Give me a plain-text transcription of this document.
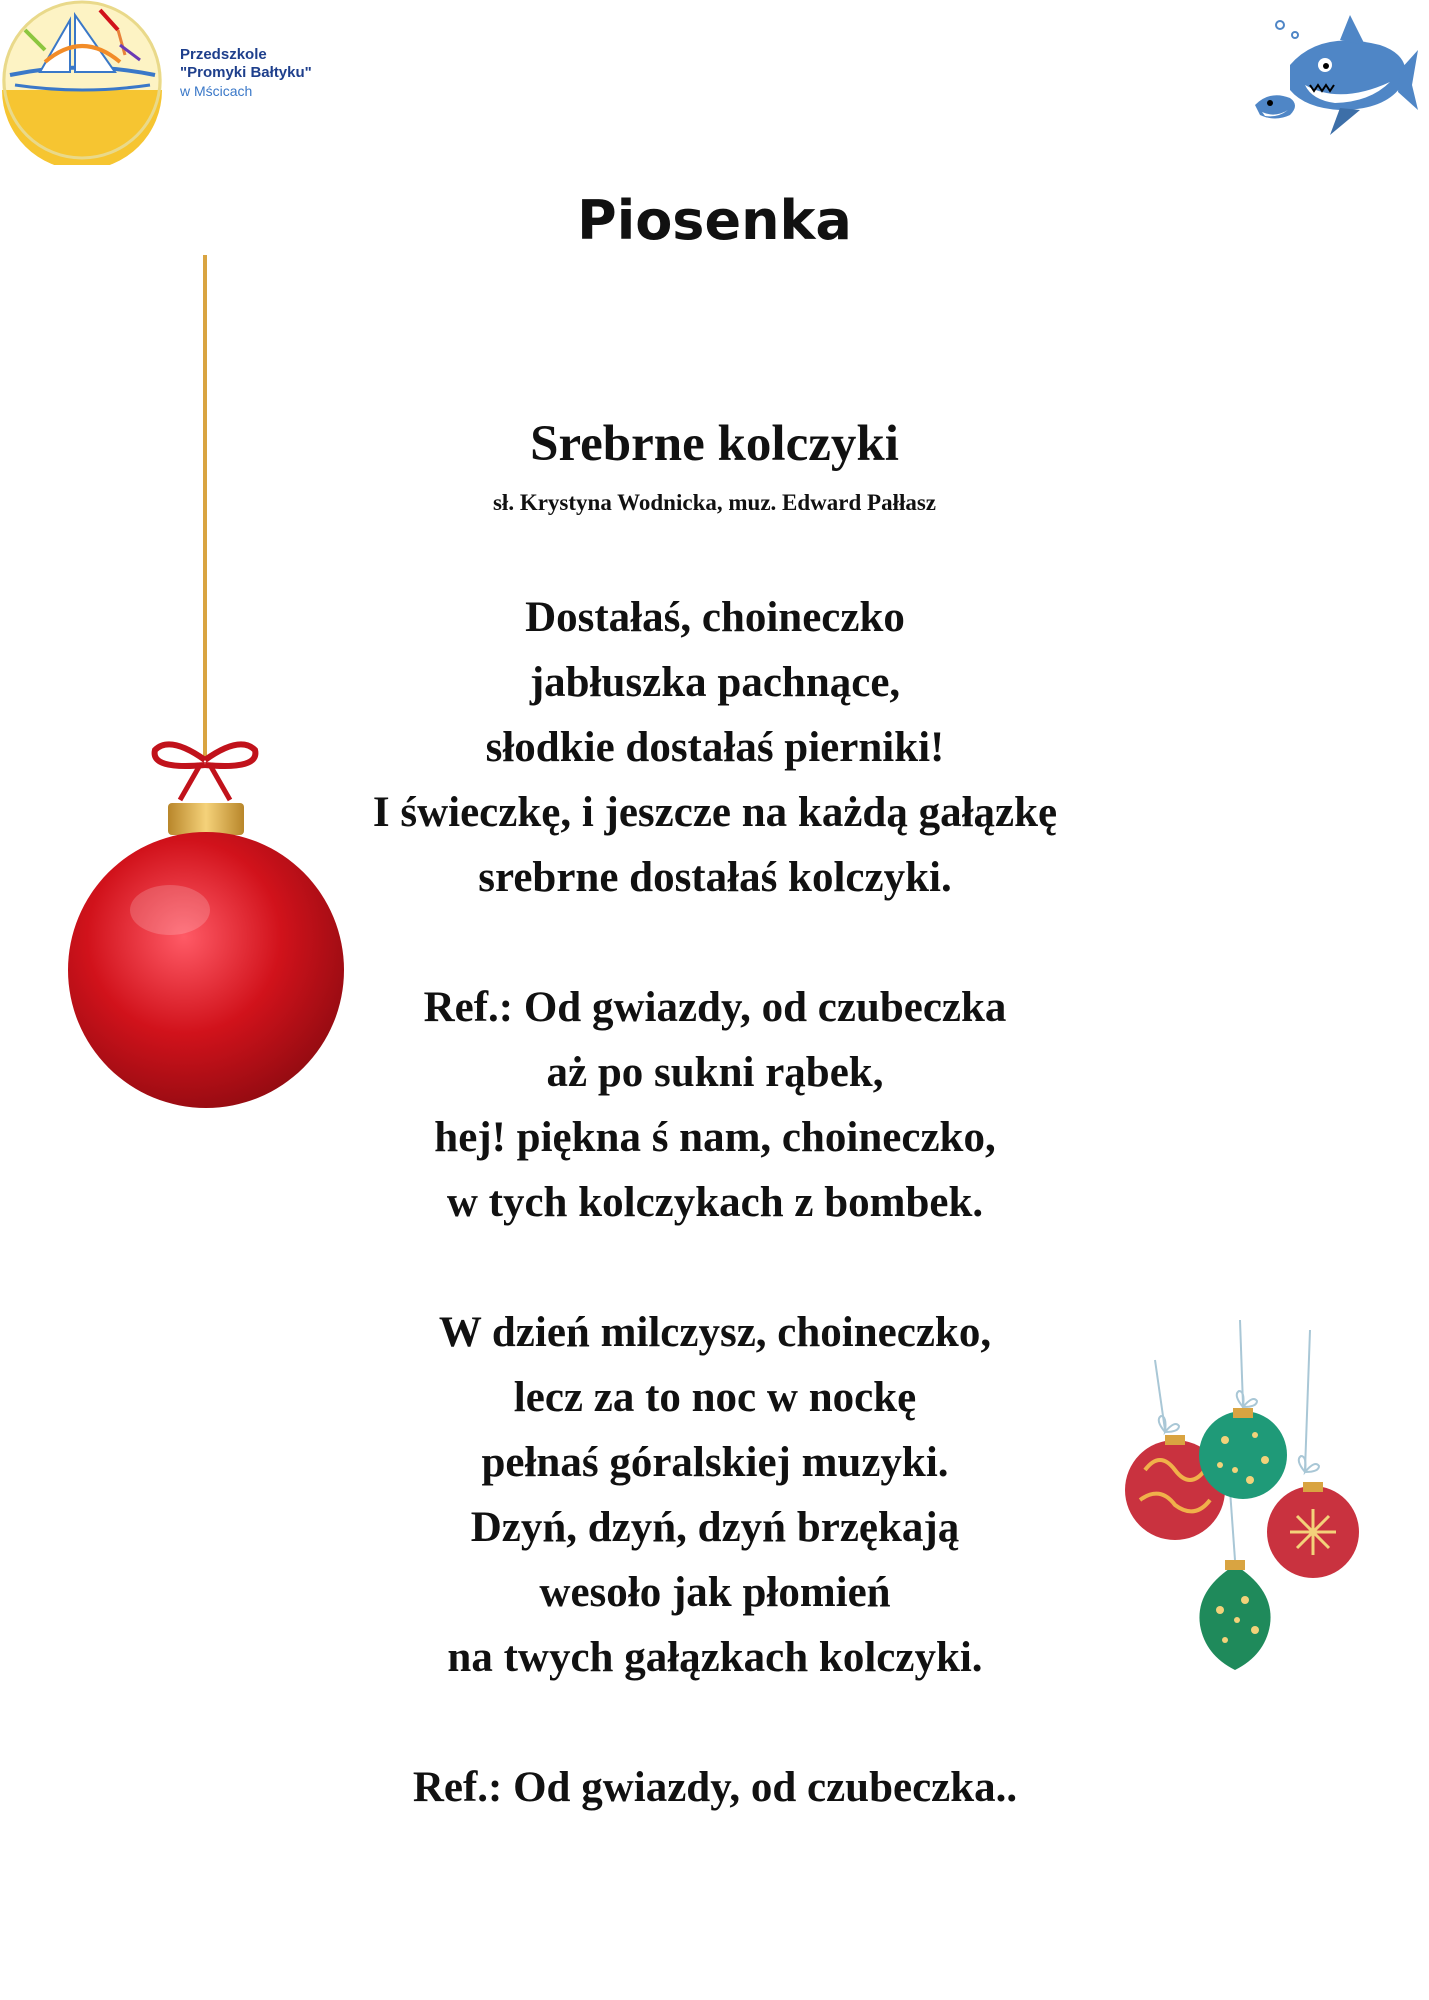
Przedszkole
"Promyki Bałtyku"
w Mścicach
Piosenka
Srebrne kolczyki

sł. Krystyna Wodnicka, muz. Edward Pałłasz

Dostałaś, choineczko
jabłuszka pachnące,
słodkie dostałaś pierniki!
I świeczkę, i jeszcze na każdą gałązkę
srebrne dostałaś kolczyki.

Ref.: Od gwiazdy, od czubeczka
aż po sukni rąbek,
hej! piękna ś nam, choineczko,
w tych kolczykach z bombek.

W dzień milczysz, choineczko,
lecz za to noc w nockę
pełnaś góralskiej muzyki.
Dzyń, dzyń, dzyń brzękają
wesoło jak płomień
na twych gałązkach kolczyki.

Ref.: Od gwiazdy, od czubeczka..
